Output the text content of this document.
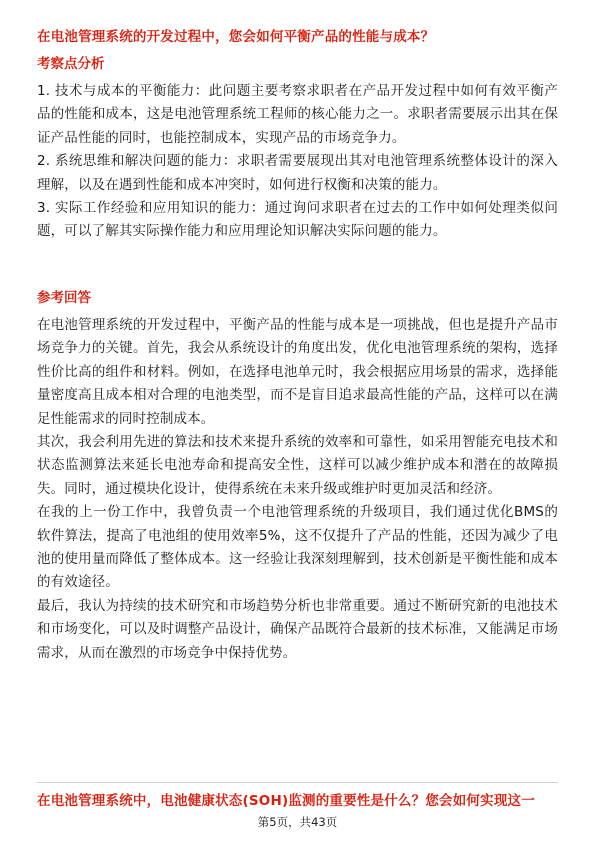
在电池管理系统的开发过程中，您会如何平衡产品的性能与成本？
考察点分析

1. 技术与成本的平衡能力：此问题主要考察求职者在产品开发过程中如何有效平衡产品的性能和成本，这是电池管理系统工程师的核心能力之一。求职者需要展示出其在保证产品性能的同时，也能控制成本，实现产品的市场竞争力。

2. 系统思维和解决问题的能力：求职者需要展现出其对电池管理系统整体设计的深入理解，以及在遇到性能和成本冲突时，如何进行权衡和决策的能力。

3. 实际工作经验和应用知识的能力：通过询问求职者在过去的工作中如何处理类似问题，可以了解其实际操作能力和应用理论知识解决实际问题的能力。

参考回答

在电池管理系统的开发过程中，平衡产品的性能与成本是一项挑战，但也是提升产品市场竞争力的关键。首先，我会从系统设计的角度出发，优化电池管理系统的架构，选择性价比高的组件和材料。例如，在选择电池单元时，我会根据应用场景的需求，选择能量密度高且成本相对合理的电池类型，而不是盲目追求最高性能的产品，这样可以在满足性能需求的同时控制成本。

其次，我会利用先进的算法和技术来提升系统的效率和可靠性，如采用智能充电技术和状态监测算法来延长电池寿命和提高安全性，这样可以减少维护成本和潜在的故障损失。同时，通过模块化设计，使得系统在未来升级或维护时更加灵活和经济。

在我的上一份工作中，我曾负责一个电池管理系统的升级项目，我们通过优化BMS的软件算法，提高了电池组的使用效率5%，这不仅提升了产品的性能，还因为减少了电池的使用量而降低了整体成本。这一经验让我深刻理解到，技术创新是平衡性能和成本的有效途径。

最后，我认为持续的技术研究和市场趋势分析也非常重要。通过不断研究新的电池技术和市场变化，可以及时调整产品设计，确保产品既符合最新的技术标准，又能满足市场需求，从而在激烈的市场竞争中保持优势。

在电池管理系统中，电池健康状态(SOH)监测的重要性是什么？您会如何实现这一
第5页，共43页
